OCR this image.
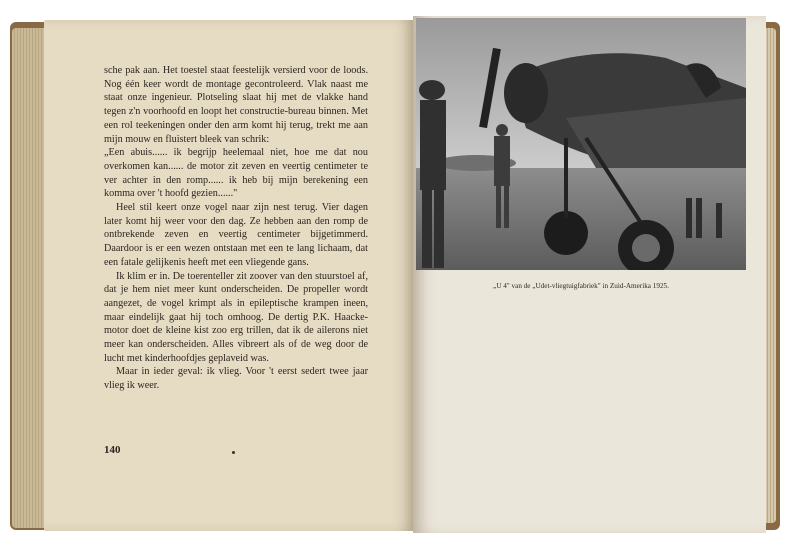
sche pak aan. Het toestel staat feestelijk versierd voor de loods. Nog één keer wordt de montage gecontroleerd. Vlak naast me staat onze ingenieur. Plotseling slaat hij met de vlakke hand tegen z'n voorhoofd en loopt het constructie-bureau binnen. Met een rol teekeningen onder den arm komt hij terug, trekt me aan mijn mouw en fluistert bleek van schrik:

„Een abuis...... ik begrijp heelemaal niet, hoe me dat nou overkomen kan...... de motor zit zeven en veertig centimeter te ver achter in den romp...... ik heb bij mijn berekening een komma over 't hoofd gezien......"

Heel stil keert onze vogel naar zijn nest terug. Vier dagen later komt hij weer voor den dag. Ze hebben aan den romp de ontbrekende zeven en veertig centimeter bijgetimmerd. Daardoor is er een wezen ontstaan met een te lang lichaam, dat een fatale gelijkenis heeft met een vliegende gans.

Ik klim er in. De toerenteller zit zoover van den stuurstoel af, dat je hem niet meer kunt onderscheiden. De propeller wordt aangezet, de vogel krimpt als in epileptische krampen ineen, maar eindelijk gaat hij toch omhoog. De dertig P.K. Haacke-motor doet de kleine kist zoo erg trillen, dat ik de ailerons niet meer kan onderscheiden. Alles vibreert als of de weg door de lucht met kinderhoofdjes geplaveid was.

Maar in ieder geval: ik vlieg. Voor 't eerst sedert twee jaar vlieg ik weer.

140
„U 4" van de „Udet-vliegtuigfabriek" in Zuid-Amerika 1925.
